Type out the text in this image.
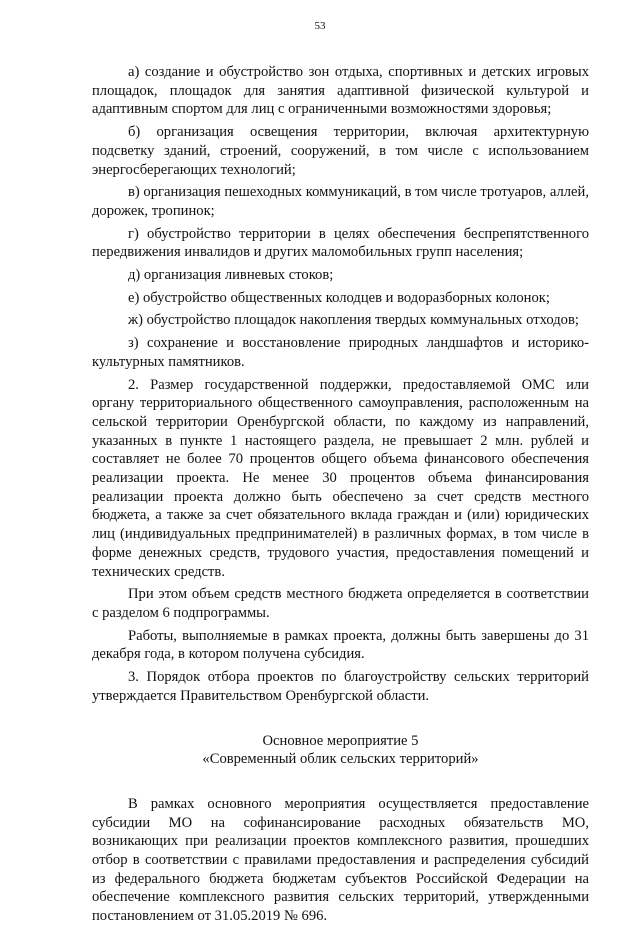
53

а) создание и обустройство зон отдыха, спортивных и детских игровых площадок, площадок для занятия адаптивной физической культурой и адаптивным спортом для лиц с ограниченными возможностями здоровья;

б) организация освещения территории, включая архитектурную подсветку зданий, строений, сооружений, в том числе с использованием энергосберегающих технологий;

в) организация пешеходных коммуникаций, в том числе тротуаров, аллей, дорожек, тропинок;

г) обустройство территории в целях обеспечения беспрепятственного передвижения инвалидов и других маломобильных групп населения;

д) организация ливневых стоков;

е) обустройство общественных колодцев и водоразборных колонок;

ж) обустройство площадок накопления твердых коммунальных отходов;

з) сохранение и восстановление природных ландшафтов и историко-культурных памятников.

2. Размер государственной поддержки, предоставляемой ОМС или органу территориального общественного самоуправления, расположенным на сельской территории Оренбургской области, по каждому из направлений, указанных в пункте 1 настоящего раздела, не превышает 2 млн. рублей и составляет не более 70 процентов общего объема финансового обеспечения реализации проекта. Не менее 30 процентов объема финансирования реализации проекта должно быть обеспечено за счет средств местного бюджета, а также за счет обязательного вклада граждан и (или) юридических лиц (индивидуальных предпринимателей) в различных формах, в том числе в форме денежных средств, трудового участия, предоставления помещений и технических средств.

При этом объем средств местного бюджета определяется в соответствии с разделом 6 подпрограммы.

Работы, выполняемые в рамках проекта, должны быть завершены до 31 декабря года, в котором получена субсидия.

3. Порядок отбора проектов по благоустройству сельских территорий утверждается Правительством Оренбургской области.

Основное мероприятие 5
«Современный облик сельских территорий»

В рамках основного мероприятия осуществляется предоставление субсидии МО на софинансирование расходных обязательств МО, возникающих при реализации проектов комплексного развития, прошедших отбор в соответствии с правилами предоставления и распределения субсидий из федерального бюджета бюджетам субъектов Российской Федерации на обеспечение комплексного развития сельских территорий, утвержденными постановлением от 31.05.2019 № 696.
